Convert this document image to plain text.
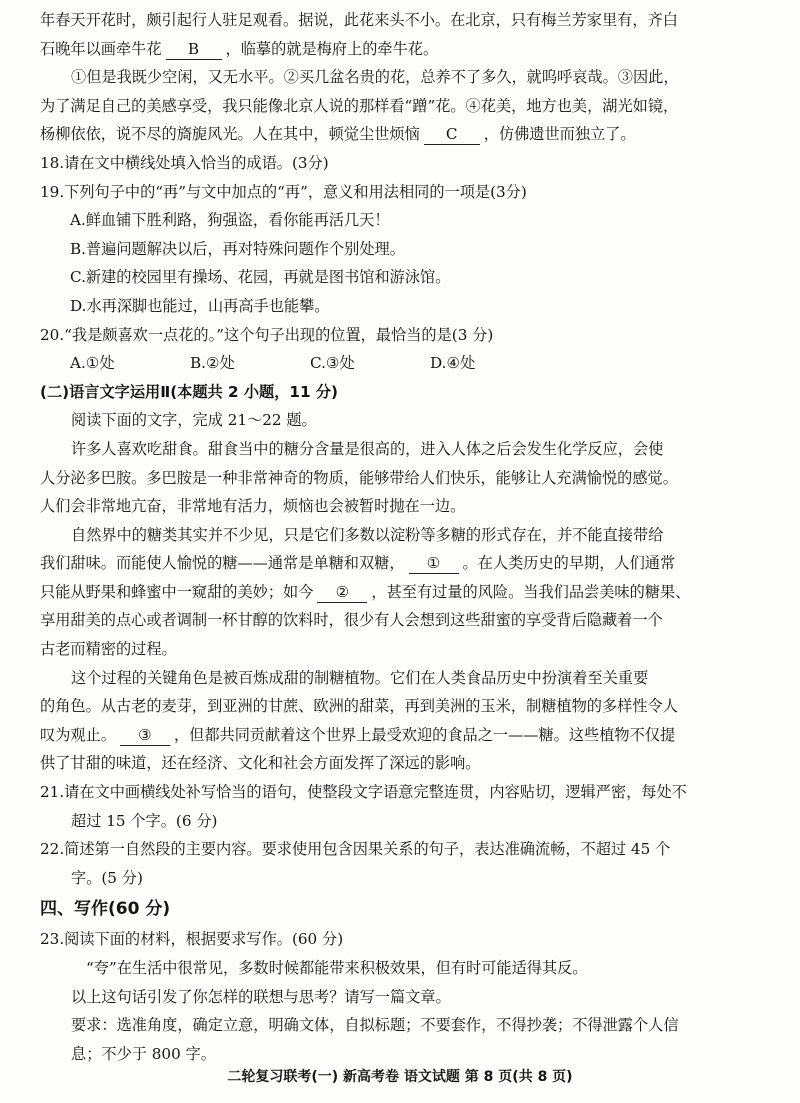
年春天开花时，颇引起行人驻足观看。据说，此花来头不小。在北京，只有梅兰芳家里有，齐白
石晚年以画牵牛花 B ，临摹的就是梅府上的牵牛花。
①但是我既少空闲，又无水平。②买几盆名贵的花，总养不了多久，就呜呼哀哉。③因此，
为了满足自己的美感享受，我只能像北京人说的那样看“蹭”花。④花美，地方也美，湖光如镜，
杨柳依依，说不尽的旖旎风光。人在其中，顿觉尘世烦恼 C ，仿佛遗世而独立了。
18.请在文中横线处填入恰当的成语。(3分)
19.下列句子中的“再”与文中加点的“再”，意义和用法相同的一项是(3分)
A.鲜血铺下胜利路，狗强盗，看你能再活几天！
B.普遍问题解决以后，再对特殊问题作个别处理。
C.新建的校园里有操场、花园，再就是图书馆和游泳馆。
D.水再深脚也能过，山再高手也能攀。
20.“我是颇喜欢一点花的。”这个句子出现的位置，最恰当的是(3 分)
A.①处	B.②处	C.③处	D.④处
(二)语言文字运用Ⅱ(本题共 2 小题，11 分)
阅读下面的文字，完成 21～22 题。
许多人喜欢吃甜食。甜食当中的糖分含量是很高的，进入人体之后会发生化学反应，会使
人分泌多巴胺。多巴胺是一种非常神奇的物质，能够带给人们快乐，能够让人充满愉悦的感觉。
人们会非常地亢奋，非常地有活力，烦恼也会被暂时抛在一边。
自然界中的糖类其实并不少见，只是它们多数以淀粉等多糖的形式存在，并不能直接带给
我们甜味。而能使人愉悦的糖——通常是单糖和双糖， ① 。在人类历史的早期，人们通常
只能从野果和蜂蜜中一窥甜的美妙；如今 ② ，甚至有过量的风险。当我们品尝美味的糖果、
享用甜美的点心或者调制一杯甘醇的饮料时，很少有人会想到这些甜蜜的享受背后隐藏着一个
古老而精密的过程。
这个过程的关键角色是被百炼成甜的制糖植物。它们在人类食品历史中扮演着至关重要
的角色。从古老的麦芽，到亚洲的甘蔗、欧洲的甜菜，再到美洲的玉米，制糖植物的多样性令人
叹为观止。 ③ ，但都共同贡献着这个世界上最受欢迎的食品之一——糖。这些植物不仅提
供了甘甜的味道，还在经济、文化和社会方面发挥了深远的影响。
21.请在文中画横线处补写恰当的语句，使整段文字语意完整连贯，内容贴切，逻辑严密，每处不
超过 15 个字。(6 分)
22.简述第一自然段的主要内容。要求使用包含因果关系的句子，表达准确流畅，不超过 45 个
字。(5 分)
四、写作(60 分)
23.阅读下面的材料，根据要求写作。(60 分)
“夸”在生活中很常见，多数时候都能带来积极效果，但有时可能适得其反。
以上这句话引发了你怎样的联想与思考？请写一篇文章。
要求：选准角度，确定立意，明确文体，自拟标题；不要套作，不得抄袭；不得泄露个人信
息；不少于 800 字。
二轮复习联考(一) 新高考卷 语文试题 第 8 页(共 8 页)
